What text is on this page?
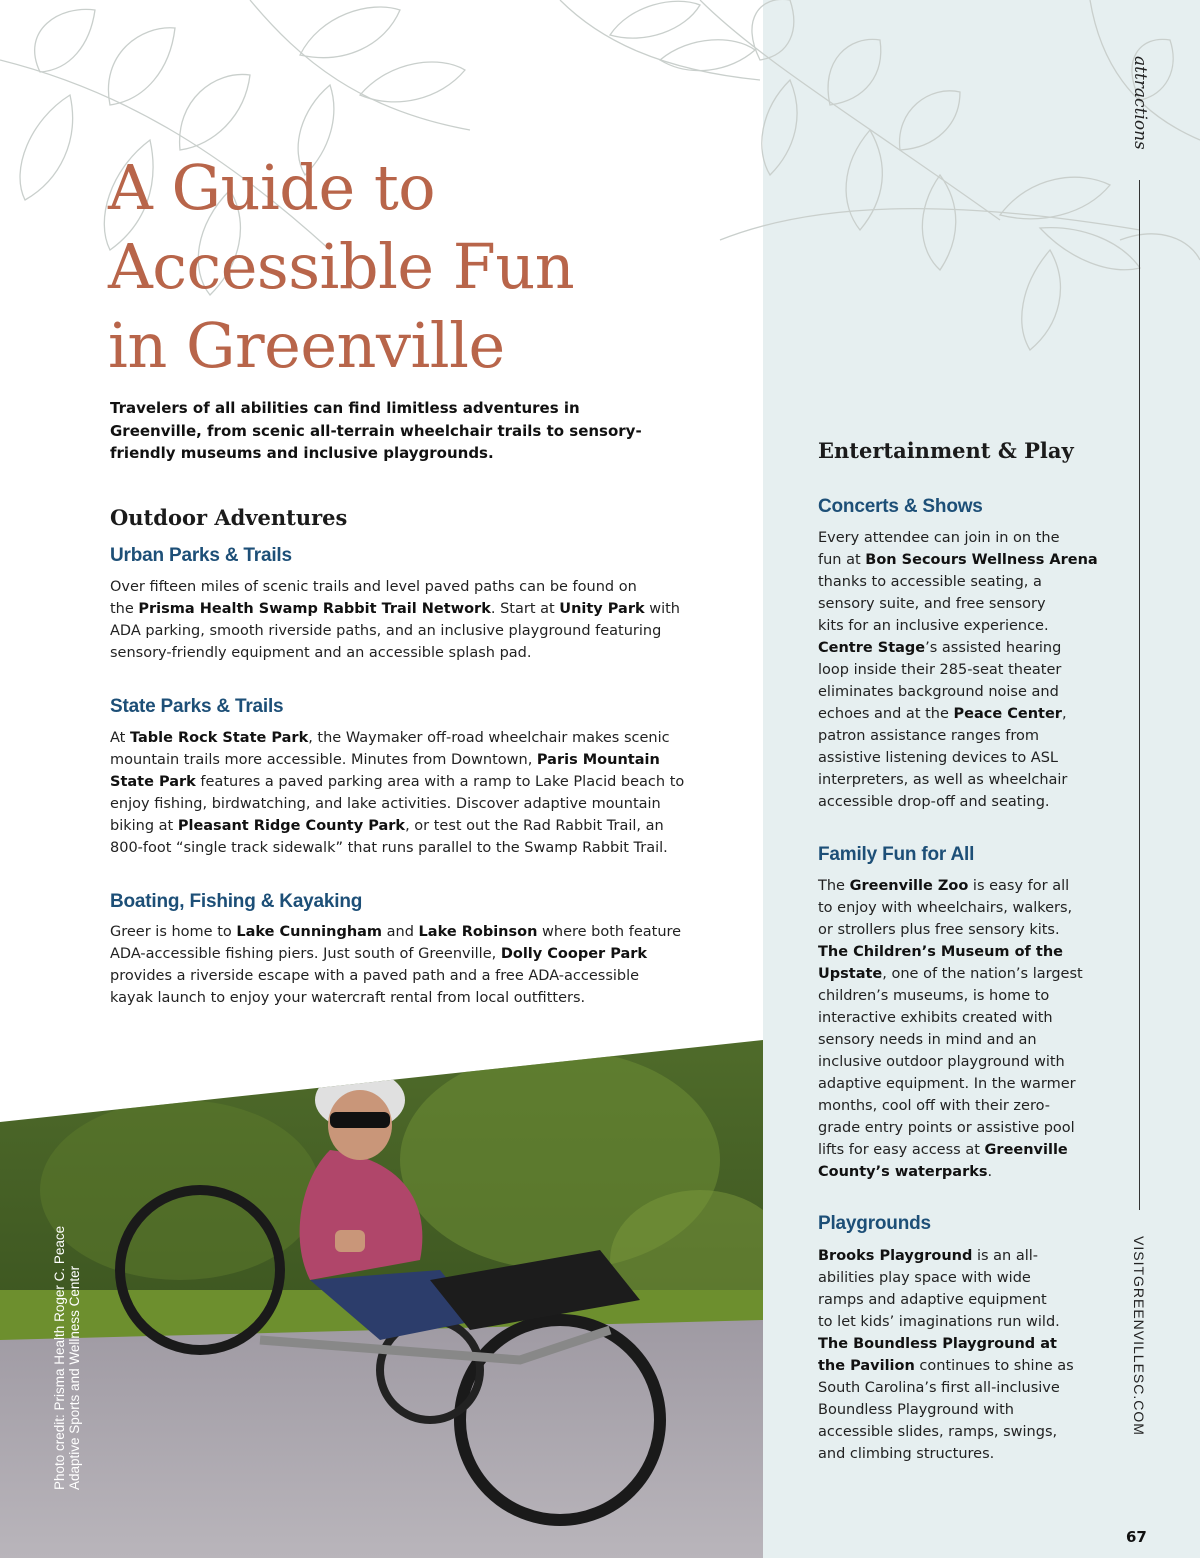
Photo credit: Prisma Health Roger C. Peace Adaptive Sports and Wellness Center
A Guide to
Accessible Fun
in Greenville

Travelers of all abilities can find limitless adventures in Greenville, from scenic all-terrain wheelchair trails to sensory-friendly museums and inclusive playgrounds.

Outdoor Adventures
Urban Parks & Trails
Over fifteen miles of scenic trails and level paved paths can be found on
the Prisma Health Swamp Rabbit Trail Network. Start at Unity Park with
ADA parking, smooth riverside paths, and an inclusive playground featuring
sensory-friendly equipment and an accessible splash pad.
State Parks & Trails
At Table Rock State Park, the Waymaker off-road wheelchair makes scenic
mountain trails more accessible. Minutes from Downtown, Paris Mountain
State Park features a paved parking area with a ramp to Lake Placid beach to
enjoy fishing, birdwatching, and lake activities. Discover adaptive mountain
biking at Pleasant Ridge County Park, or test out the Rad Rabbit Trail, an
800-foot “single track sidewalk” that runs parallel to the Swamp Rabbit Trail.
Boating, Fishing & Kayaking
Greer is home to Lake Cunningham and Lake Robinson where both feature
ADA-accessible fishing piers. Just south of Greenville, Dolly Cooper Park
provides a riverside escape with a paved path and a free ADA-accessible
kayak launch to enjoy your watercraft rental from local outfitters.
Entertainment & Play
Concerts & Shows
Every attendee can join in on the
fun at Bon Secours Wellness Arena
thanks to accessible seating, a
sensory suite, and free sensory
kits for an inclusive experience.
Centre Stage’s assisted hearing
loop inside their 285-seat theater
eliminates background noise and
echoes and at the Peace Center,
patron assistance ranges from
assistive listening devices to ASL
interpreters, as well as wheelchair
accessible drop-off and seating.
Family Fun for All
The Greenville Zoo is easy for all
to enjoy with wheelchairs, walkers,
or strollers plus free sensory kits.
The Children’s Museum of the
Upstate, one of the nation’s largest
children’s museums, is home to
interactive exhibits created with
sensory needs in mind and an
inclusive outdoor playground with
adaptive equipment. In the warmer
months, cool off with their zero-
grade entry points or assistive pool
lifts for easy access at Greenville
County’s waterparks.
Playgrounds
Brooks Playground is an all-
abilities play space with wide
ramps and adaptive equipment
to let kids’ imaginations run wild.
The Boundless Playground at
the Pavilion continues to shine as
South Carolina’s first all-inclusive
Boundless Playground with
accessible slides, ramps, swings,
and climbing structures.
attractions
VISITGREENVILLESC.COM
67
